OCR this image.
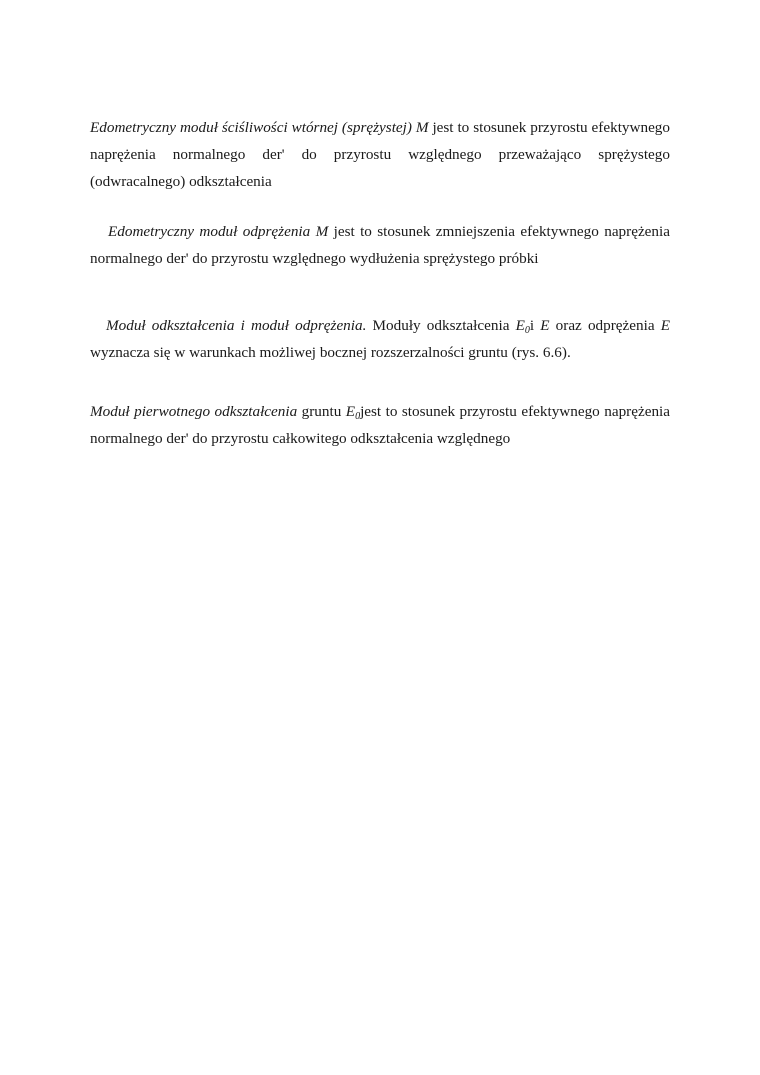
Edometryczny moduł ściśliwości wtórnej (sprężystej) M jest to stosunek przyrostu efektywnego naprężenia normalnego der' do przyrostu względnego przeważająco sprężystego (odwracalnego) odkształcenia

Edometryczny moduł odprężenia M jest to stosunek zmniejszenia efektywnego naprężenia normalnego der' do przyrostu względnego wydłużenia sprężystego próbki

Moduł odkształcenia i moduł odprężenia. Moduły odkształcenia $E_0i$ E oraz odprężenia E wyznacza się w warunkach możliwej bocznej rozszerzalności gruntu (rys. 6.6).

Moduł pierwotnego odkształcenia gruntu $E_0jest$ to stosunek przyrostu efektywnego naprężenia normalnego der' do przyrostu całkowitego odkształcenia względnego
